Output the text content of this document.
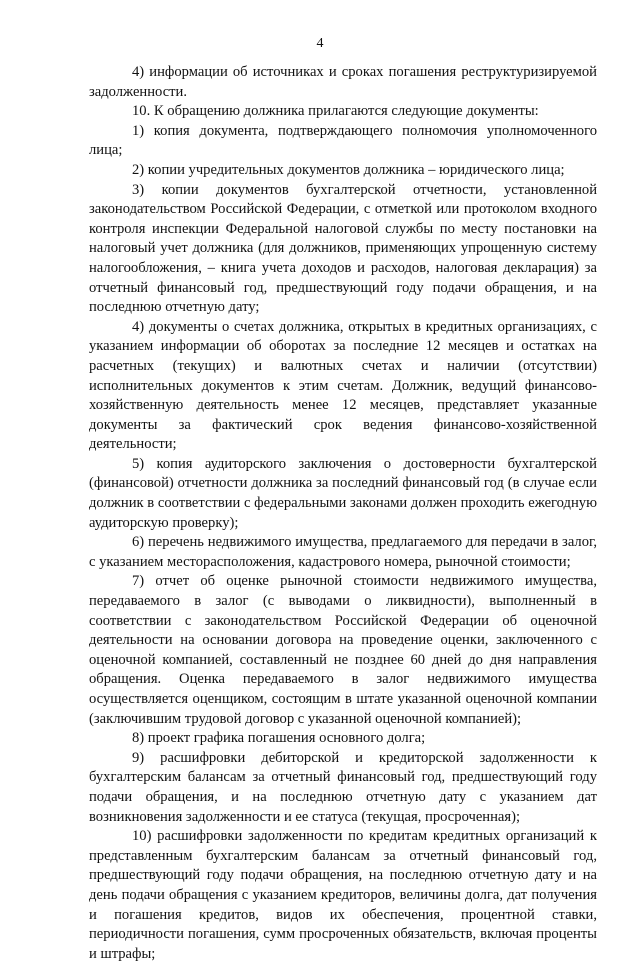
4

4) информации об источниках и сроках погашения реструктуризируемой задолженности.

10. К обращению должника прилагаются следующие документы:

1) копия документа, подтверждающего полномочия уполномоченного лица;

2) копии учредительных документов должника – юридического лица;

3) копии документов бухгалтерской отчетности, установленной законодательством Российской Федерации, с отметкой или протоколом входного контроля инспекции Федеральной налоговой службы по месту постановки на налоговый учет должника (для должников, применяющих упрощенную систему налогообложения, – книга учета доходов и расходов, налоговая декларация) за отчетный финансовый год, предшествующий году подачи обращения, и на последнюю отчетную дату;

4) документы о счетах должника, открытых в кредитных организациях, с указанием информации об оборотах за последние 12 месяцев и остатках на расчетных (текущих) и валютных счетах и наличии (отсутствии) исполнительных документов к этим счетам. Должник, ведущий финансово-хозяйственную деятельность менее 12 месяцев, представляет указанные документы за фактический срок ведения финансово-хозяйственной деятельности;

5) копия аудиторского заключения о достоверности бухгалтерской (финансовой) отчетности должника за последний финансовый год (в случае если должник в соответствии с федеральными законами должен проходить ежегодную аудиторскую проверку);

6) перечень недвижимого имущества, предлагаемого для передачи в залог, с указанием месторасположения, кадастрового номера, рыночной стоимости;

7) отчет об оценке рыночной стоимости недвижимого имущества, передаваемого в залог (с выводами о ликвидности), выполненный в соответствии с законодательством Российской Федерации об оценочной деятельности на основании договора на проведение оценки, заключенного с оценочной компанией, составленный не позднее 60 дней до дня направления обращения. Оценка передаваемого в залог недвижимого имущества осуществляется оценщиком, состоящим в штате указанной оценочной компании (заключившим трудовой договор с указанной оценочной компанией);

8) проект графика погашения основного долга;

9) расшифровки дебиторской и кредиторской задолженности к бухгалтерским балансам за отчетный финансовый год, предшествующий году подачи обращения, и на последнюю отчетную дату с указанием дат возникновения задолженности и ее статуса (текущая, просроченная);

10) расшифровки задолженности по кредитам кредитных организаций к представленным бухгалтерским балансам за отчетный финансовый год, предшествующий году подачи обращения, на последнюю отчетную дату и на день подачи обращения с указанием кредиторов, величины долга, дат получения и погашения кредитов, видов их обеспечения, процентной ставки, периодичности погашения, сумм просроченных обязательств, включая проценты и штрафы;
